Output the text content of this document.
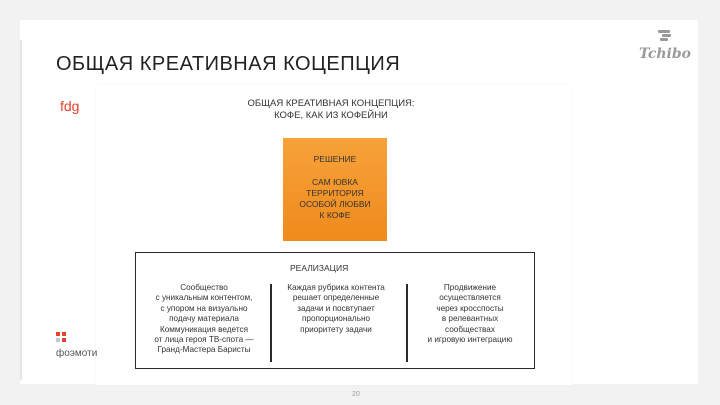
ОБЩАЯ КРЕАТИВНАЯ КОЦЕПЦИЯ	Tchibo
fdg	ОБЩАЯ КРЕАТИВНАЯ КОНЦЕПЦИЯ:
КОФЕ, КАК ИЗ КОФЕЙНИ
РЕШЕНИЕ
САМ ЮВКА
ТЕРРИТОРИЯ
ОСОБОЙ ЛЮБВИ
К КОФЕ
РЕАЛИЗАЦИЯ
Сообщество
с уникальным контентом,
с упором на визуально
подачу материала
Коммуникация ведется
от лица героя ТВ-спота —
Гранд-Мастера Баристы
Каждая рубрика контента
решает определенные
задачи и посвтупает
пропорционально
приоритету задачи
Продвижение
осуществляется
через кросспосты
в релевантных
сообществах
и игровую интеграцию
фоэмоти
20
